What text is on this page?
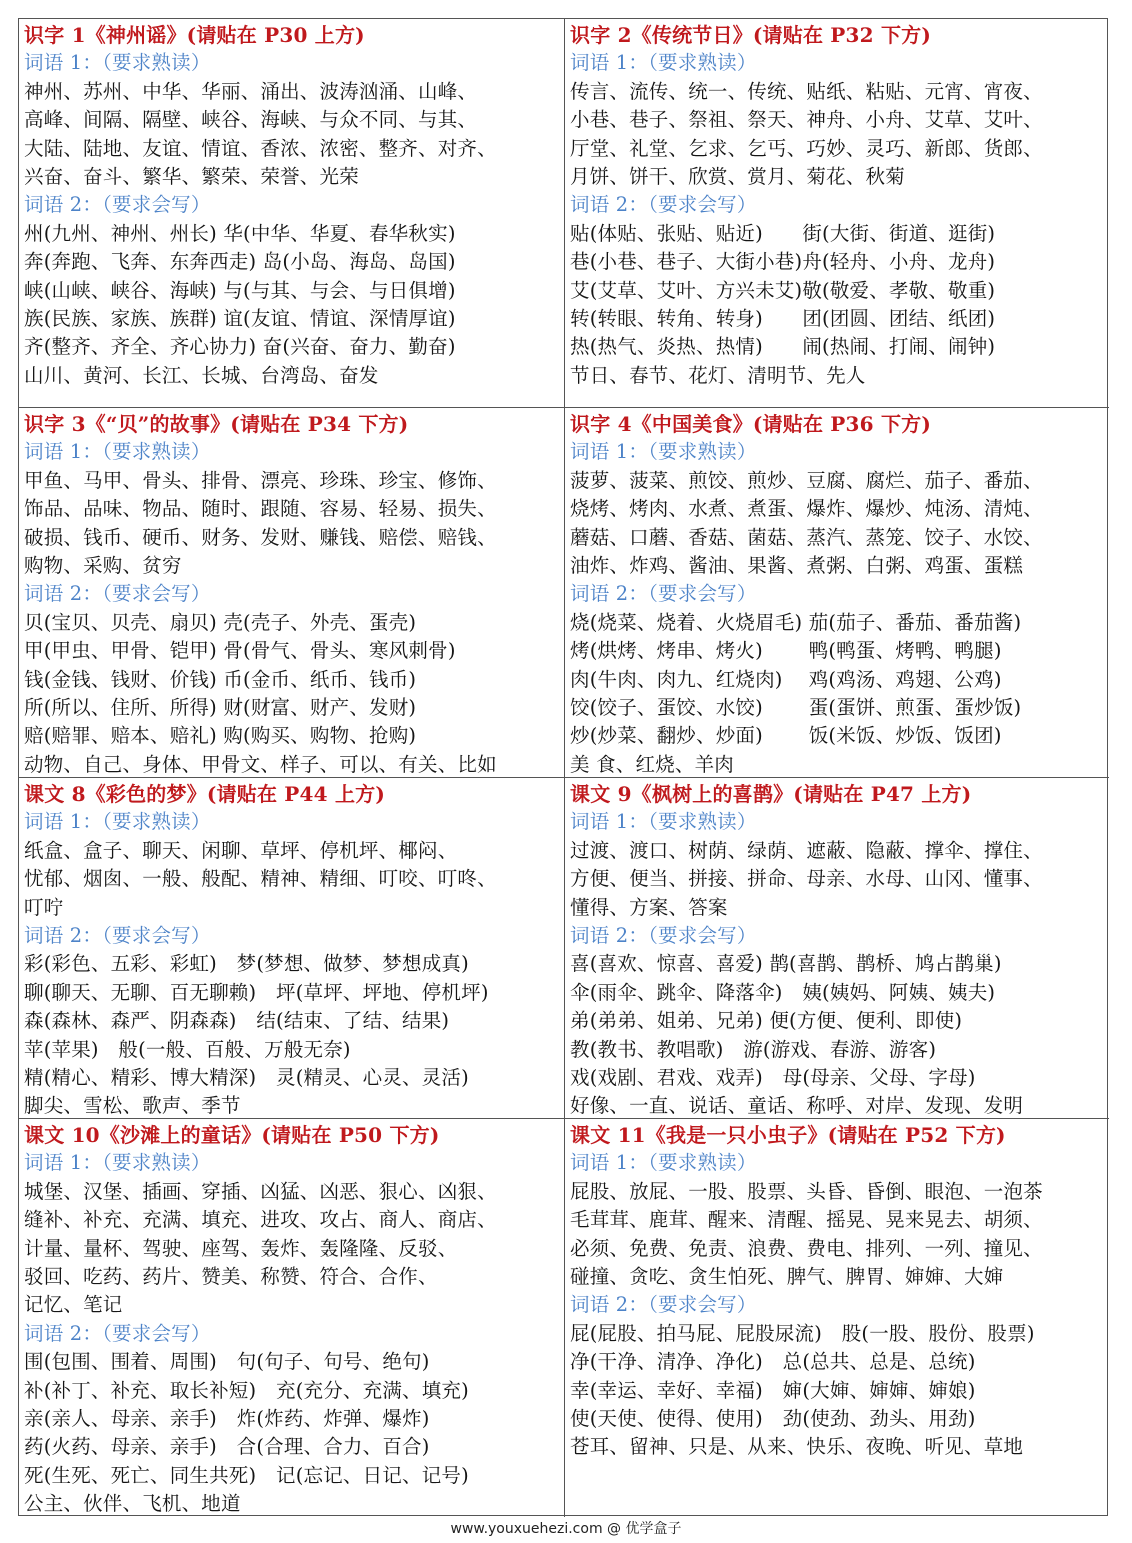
识字 1《神州谣》(请贴在 P30 上方)
词语 1：（要求熟读）
神州、苏州、中华、华丽、涌出、波涛汹涌、山峰、
高峰、间隔、隔壁、峡谷、海峡、与众不同、与其、
大陆、陆地、友谊、情谊、香浓、浓密、整齐、对齐、
兴奋、奋斗、繁华、繁荣、荣誉、光荣
词语 2：（要求会写）
州(九州、神州、州长) 华(中华、华夏、春华秋实)
奔(奔跑、飞奔、东奔西走) 岛(小岛、海岛、岛国)
峡(山峡、峡谷、海峡) 与(与其、与会、与日俱增)
族(民族、家族、族群) 谊(友谊、情谊、深情厚谊)
齐(整齐、齐全、齐心协力) 奋(兴奋、奋力、勤奋)
山川、黄河、长江、长城、台湾岛、奋发
识字 2《传统节日》(请贴在 P32 下方)
词语 1：（要求熟读）
传言、流传、统一、传统、贴纸、粘贴、元宵、宵夜、
小巷、巷子、祭祖、祭天、神舟、小舟、艾草、艾叶、
厅堂、礼堂、乞求、乞丐、巧妙、灵巧、新郎、货郎、
月饼、饼干、欣赏、赏月、菊花、秋菊
词语 2：（要求会写）
贴(体贴、张贴、贴近)　　街(大街、街道、逛街)
巷(小巷、巷子、大街小巷)舟(轻舟、小舟、龙舟)
艾(艾草、艾叶、方兴未艾)敬(敬爱、孝敬、敬重)
转(转眼、转角、转身)　　团(团圆、团结、纸团)
热(热气、炎热、热情)　　闹(热闹、打闹、闹钟)
节日、春节、花灯、清明节、先人
识字 3《“贝”的故事》(请贴在 P34 下方)
词语 1：（要求熟读）
甲鱼、马甲、骨头、排骨、漂亮、珍珠、珍宝、修饰、
饰品、品味、物品、随时、跟随、容易、轻易、损失、
破损、钱币、硬币、财务、发财、赚钱、赔偿、赔钱、
购物、采购、贫穷
词语 2：（要求会写）
贝(宝贝、贝壳、扇贝) 壳(壳子、外壳、蛋壳)
甲(甲虫、甲骨、铠甲) 骨(骨气、骨头、寒风刺骨)
钱(金钱、钱财、价钱) 币(金币、纸币、钱币)
所(所以、住所、所得) 财(财富、财产、发财)
赔(赔罪、赔本、赔礼) 购(购买、购物、抢购)
动物、自己、身体、甲骨文、样子、可以、有关、比如
识字 4《中国美食》(请贴在 P36 下方)
词语 1：（要求熟读）
菠萝、菠菜、煎饺、煎炒、豆腐、腐烂、茄子、番茄、
烧烤、烤肉、水煮、煮蛋、爆炸、爆炒、炖汤、清炖、
蘑菇、口蘑、香菇、菌菇、蒸汽、蒸笼、饺子、水饺、
油炸、炸鸡、酱油、果酱、煮粥、白粥、鸡蛋、蛋糕
词语 2：（要求会写）
烧(烧菜、烧着、火烧眉毛) 茄(茄子、番茄、番茄酱)
烤(烘烤、烤串、烤火)　　 鸭(鸭蛋、烤鸭、鸭腿)
肉(牛肉、肉九、红烧肉)　 鸡(鸡汤、鸡翅、公鸡)
饺(饺子、蛋饺、水饺)　　 蛋(蛋饼、煎蛋、蛋炒饭)
炒(炒菜、翻炒、炒面)　　 饭(米饭、炒饭、饭团)
美 食、红烧、羊肉
课文 8《彩色的梦》(请贴在 P44 上方)
词语 1：（要求熟读）
纸盒、盒子、聊天、闲聊、草坪、停机坪、椰闷、
忧郁、烟囱、一般、般配、精神、精细、叮咬、叮咚、
叮咛
词语 2：（要求会写）
彩(彩色、五彩、彩虹)　梦(梦想、做梦、梦想成真)
聊(聊天、无聊、百无聊赖)　坪(草坪、坪地、停机坪)
森(森林、森严、阴森森)　结(结束、了结、结果)
苹(苹果)　般(一般、百般、万般无奈)
精(精心、精彩、博大精深)　灵(精灵、心灵、灵活)
脚尖、雪松、歌声、季节
课文 9《枫树上的喜鹊》(请贴在 P47 上方)
词语 1：（要求熟读）
过渡、渡口、树荫、绿荫、遮蔽、隐蔽、撑伞、撑住、
方便、便当、拼接、拼命、母亲、水母、山冈、懂事、
懂得、方案、答案
词语 2：（要求会写）
喜(喜欢、惊喜、喜爱) 鹊(喜鹊、鹊桥、鸠占鹊巢)
伞(雨伞、跳伞、降落伞)　姨(姨妈、阿姨、姨夫)
弟(弟弟、姐弟、兄弟) 便(方便、便利、即使)
教(教书、教唱歌)　游(游戏、春游、游客)
戏(戏剧、君戏、戏弄)　母(母亲、父母、字母)
好像、一直、说话、童话、称呼、对岸、发现、发明
课文 10《沙滩上的童话》(请贴在 P50 下方)
词语 1：（要求熟读）
城堡、汉堡、插画、穿插、凶猛、凶恶、狠心、凶狠、
缝补、补充、充满、填充、进攻、攻占、商人、商店、
计量、量杯、驾驶、座驾、轰炸、轰隆隆、反驳、
驳回、吃药、药片、赞美、称赞、符合、合作、
记忆、笔记
词语 2：（要求会写）
围(包围、围着、周围)　句(句子、句号、绝句)
补(补丁、补充、取长补短)　充(充分、充满、填充)
亲(亲人、母亲、亲手)　炸(炸药、炸弹、爆炸)
药(火药、母亲、亲手)　合(合理、合力、百合)
死(生死、死亡、同生共死)　记(忘记、日记、记号)
公主、伙伴、飞机、地道
课文 11《我是一只小虫子》(请贴在 P52 下方)
词语 1：（要求熟读）
屁股、放屁、一股、股票、头昏、昏倒、眼泡、一泡茶
毛茸茸、鹿茸、醒来、清醒、摇晃、晃来晃去、胡须、
必须、免费、免责、浪费、费电、排列、一列、撞见、
碰撞、贪吃、贪生怕死、脾气、脾胃、婶婶、大婶
词语 2：（要求会写）
屁(屁股、拍马屁、屁股尿流)　股(一股、股份、股票)
净(干净、清净、净化)　总(总共、总是、总统)
幸(幸运、幸好、幸福)　婶(大婶、婶婶、婶娘)
使(天使、使得、使用)　劲(使劲、劲头、用劲)
苍耳、留神、只是、从来、快乐、夜晚、听见、草地
www.youxuehezi.com @ 优学盒子
